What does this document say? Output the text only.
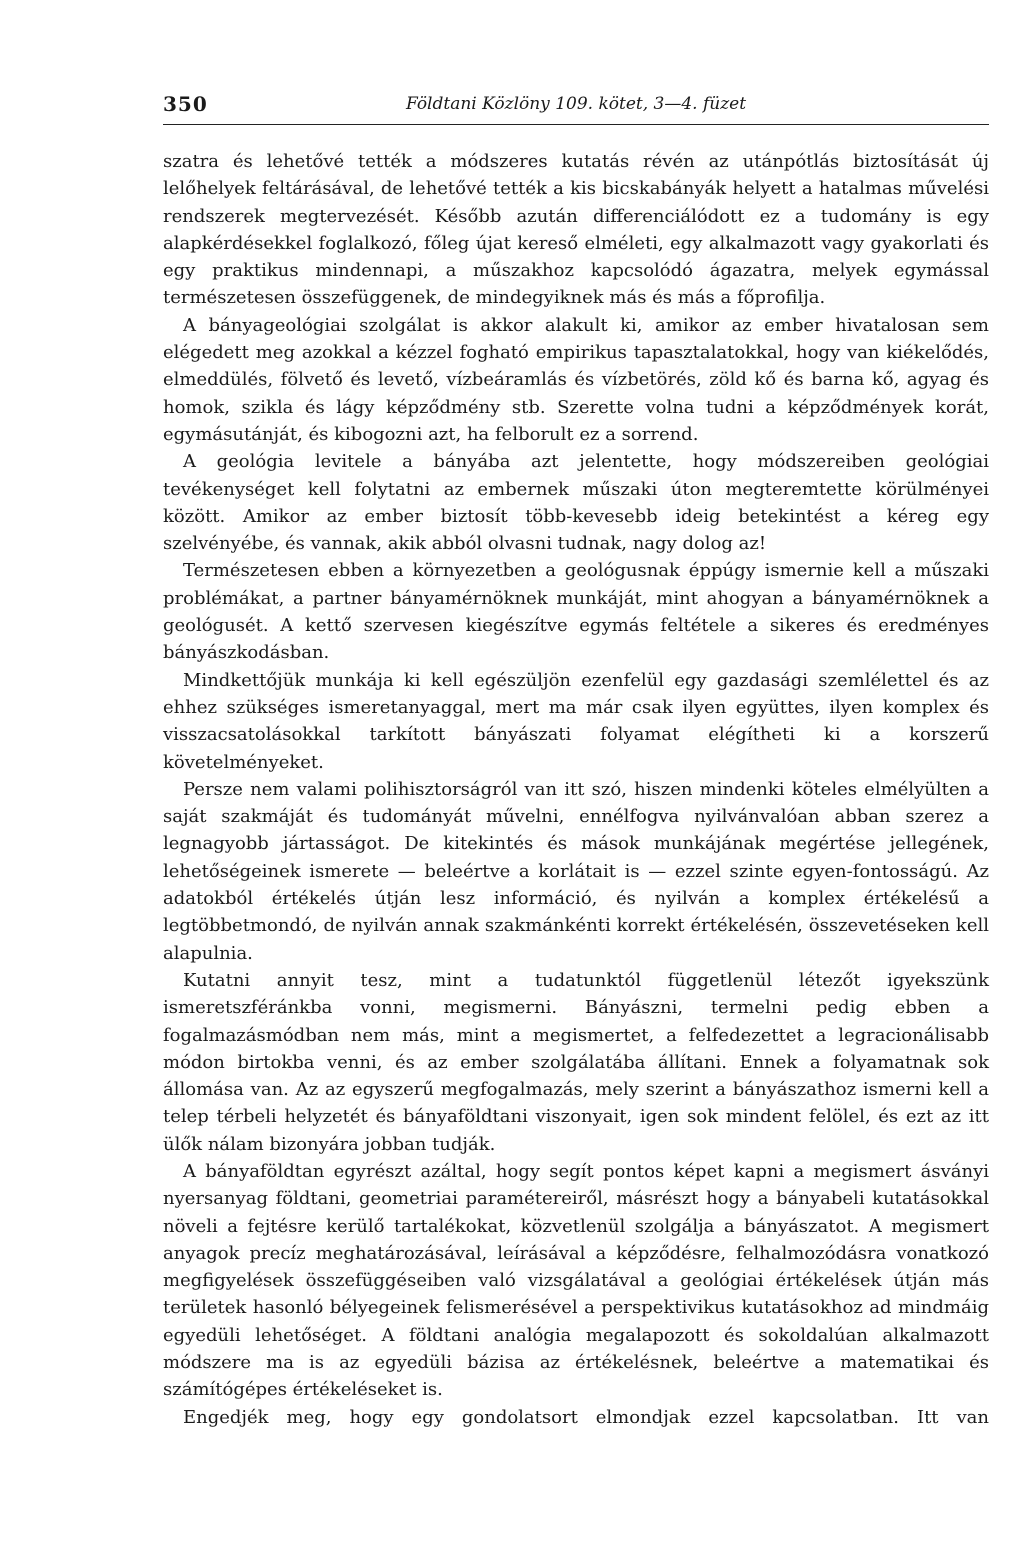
350	Földtani Közlöny 109. kötet, 3—4. füzet

szatra és lehetővé tették a módszeres kutatás révén az utánpótlás biztosítását új lelőhelyek feltárásával, de lehetővé tették a kis bicskabányák helyett a hatalmas művelési rendszerek megtervezését. Később azután differenciálódott ez a tudomány is egy alapkérdésekkel foglalkozó, főleg újat kereső elméleti, egy alkalmazott vagy gyakorlati és egy praktikus mindennapi, a műszakhoz kapcsolódó ágazatra, melyek egymással természetesen összefüggenek, de mindegyiknek más és más a főprofilja.

A bányageológiai szolgálat is akkor alakult ki, amikor az ember hivatalosan sem elégedett meg azokkal a kézzel fogható empirikus tapasztalatokkal, hogy van kiékelődés, elmeddülés, fölvető és levető, vízbeáramlás és vízbetörés, zöld kő és barna kő, agyag és homok, szikla és lágy képződmény stb. Szerette volna tudni a képződmények korát, egymásutánját, és kibogozni azt, ha felborult ez a sorrend.

A geológia levitele a bányába azt jelentette, hogy módszereiben geológiai tevékenységet kell folytatni az embernek műszaki úton megteremtette körülményei között. Amikor az ember biztosít több-kevesebb ideig betekintést a kéreg egy szelvényébe, és vannak, akik abból olvasni tudnak, nagy dolog az!

Természetesen ebben a környezetben a geológusnak éppúgy ismernie kell a műszaki problémákat, a partner bányamérnöknek munkáját, mint ahogyan a bányamérnöknek a geológusét. A kettő szervesen kiegészítve egymás feltétele a sikeres és eredményes bányászkodásban.

Mindkettőjük munkája ki kell egészüljön ezenfelül egy gazdasági szemlélettel és az ehhez szükséges ismeretanyaggal, mert ma már csak ilyen együttes, ilyen komplex és visszacsatolásokkal tarkított bányászati folyamat elégítheti ki a korszerű követelményeket.

Persze nem valami polihisztorságról van itt szó, hiszen mindenki köteles elmélyülten a saját szakmáját és tudományát művelni, ennélfogva nyilvánvalóan abban szerez a legnagyobb jártasságot. De kitekintés és mások munkájának megértése jellegének, lehetőségeinek ismerete — beleértve a korlátait is — ezzel szinte egyen-fontosságú. Az adatokból értékelés útján lesz információ, és nyilván a komplex értékelésű a legtöbbetmondó, de nyilván annak szakmánkénti korrekt értékelésén, összevetéseken kell alapulnia.

Kutatni annyit tesz, mint a tudatunktól függetlenül létezőt igyekszünk ismeretszféránkba vonni, megismerni. Bányászni, termelni pedig ebben a fogalmazásmódban nem más, mint a megismertet, a felfedezettet a legracionálisabb módon birtokba venni, és az ember szolgálatába állítani. Ennek a folyamatnak sok állomása van. Az az egyszerű megfogalmazás, mely szerint a bányászathoz ismerni kell a telep térbeli helyzetét és bányaföldtani viszonyait, igen sok mindent felölel, és ezt az itt ülők nálam bizonyára jobban tudják.

A bányaföldtan egyrészt azáltal, hogy segít pontos képet kapni a megismert ásványi nyersanyag földtani, geometriai paramétereiről, másrészt hogy a bányabeli kutatásokkal növeli a fejtésre kerülő tartalékokat, közvetlenül szolgálja a bányászatot. A megismert anyagok precíz meghatározásával, leírásával a képződésre, felhalmozódásra vonatkozó megfigyelések összefüggéseiben való vizsgálatával a geológiai értékelések útján más területek hasonló bélyegeinek felismerésével a perspektivikus kutatásokhoz ad mindmáig egyedüli lehetőséget. A földtani analógia megalapozott és sokoldalúan alkalmazott módszere ma is az egyedüli bázisa az értékelésnek, beleértve a matematikai és számítógépes értékeléseket is.

Engedjék meg, hogy egy gondolatsort elmondjak ezzel kapcsolatban. Itt van
